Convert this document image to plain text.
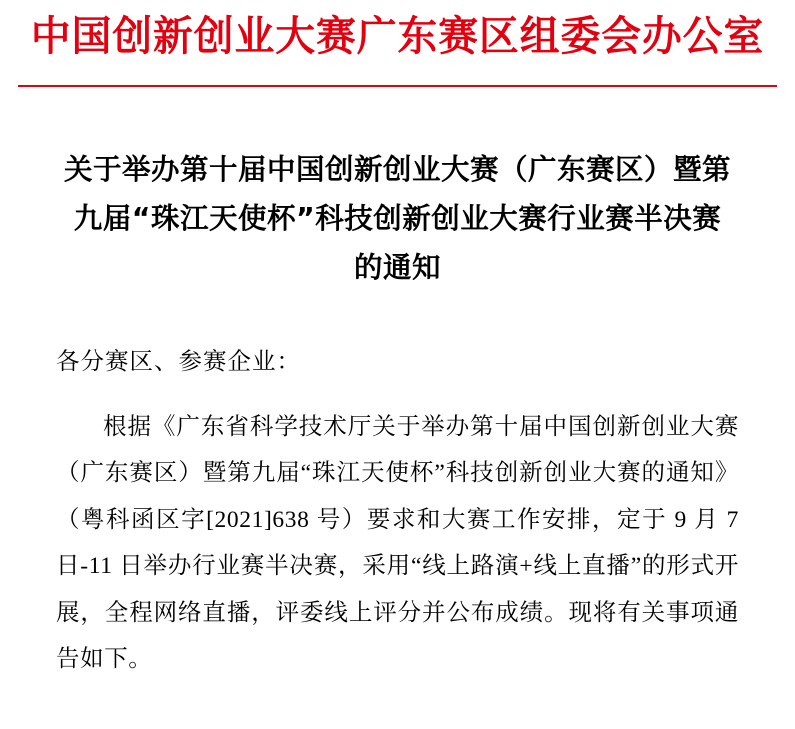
中国创新创业大赛广东赛区组委会办公室
关于举办第十届中国创新创业大赛（广东赛区）暨第九届“珠江天使杯”科技创新创业大赛行业赛半决赛的通知
各分赛区、参赛企业：
根据《广东省科学技术厅关于举办第十届中国创新创业大赛（广东赛区）暨第九届“珠江天使杯”科技创新创业大赛的通知》（粤科函区字[2021]638 号）要求和大赛工作安排，定于 9 月 7 日-11 日举办行业赛半决赛，采用“线上路演+线上直播”的形式开展，全程网络直播，评委线上评分并公布成绩。现将有关事项通告如下。
